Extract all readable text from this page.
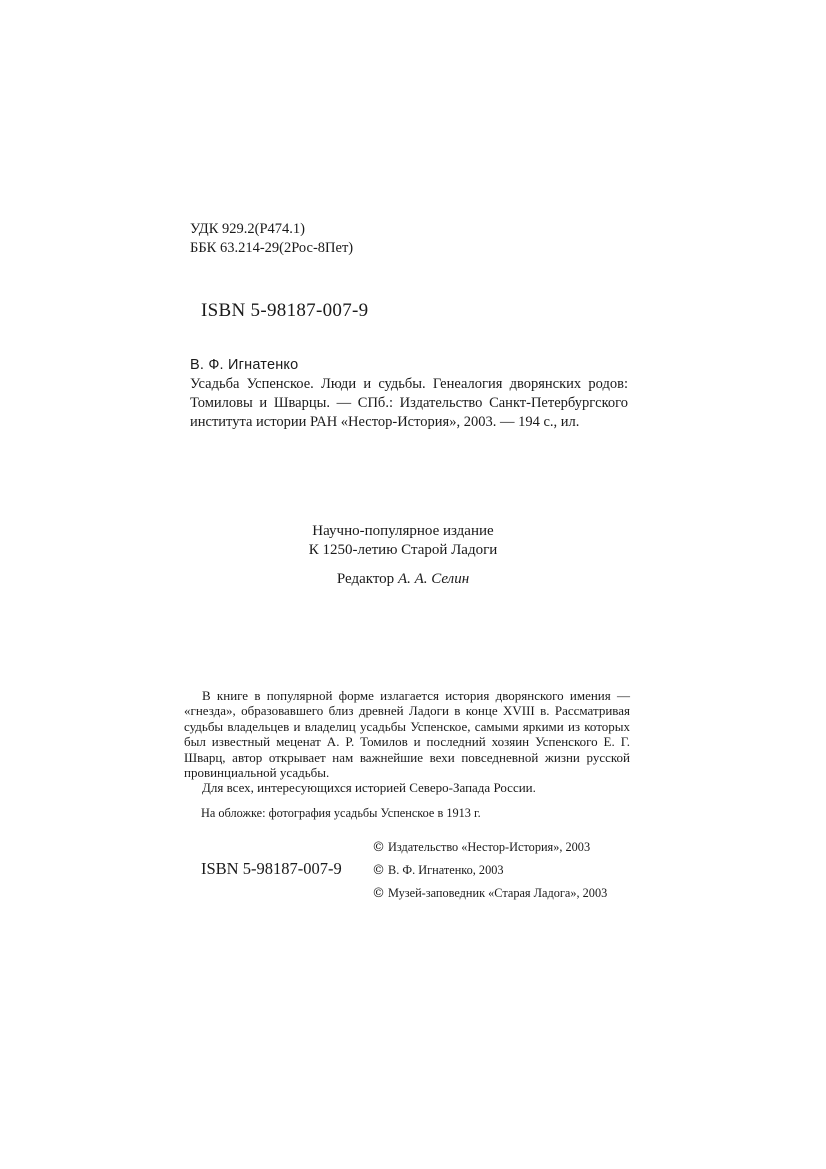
УДК 929.2(Р474.1)
ББК 63.214-29(2Рос-8Пет)
ISBN 5-98187-007-9
В. Ф. Игнатенко
Усадьба Успенское. Люди и судьбы. Генеалогия дворянских родов: Томиловы и Шварцы. — СПб.: Издательство Санкт-Петербургского института истории РАН «Нестор-История», 2003. — 194 с., ил.
Научно-популярное издание
К 1250-летию Старой Ладоги
Редактор А. А. Селин

В книге в популярной форме излагается история дворянского имения — «гнезда», образовавшего близ древней Ладоги в конце XVIII в. Рассматривая судьбы владельцев и владелиц усадьбы Успенское, самыми яркими из которых был известный меценат А. Р. Томилов и последний хозяин Успенского Е. Г. Шварц, автор открывает нам важнейшие вехи повседневной жизни русской провинциальной усадьбы.

Для всех, интересующихся историей Северо-Запада России.

На обложке: фотография усадьбы Успенское в 1913 г.
ISBN 5-98187-007-9
© Издательство «Нестор-История», 2003
© В. Ф. Игнатенко, 2003
© Музей-заповедник «Старая Ладога», 2003
